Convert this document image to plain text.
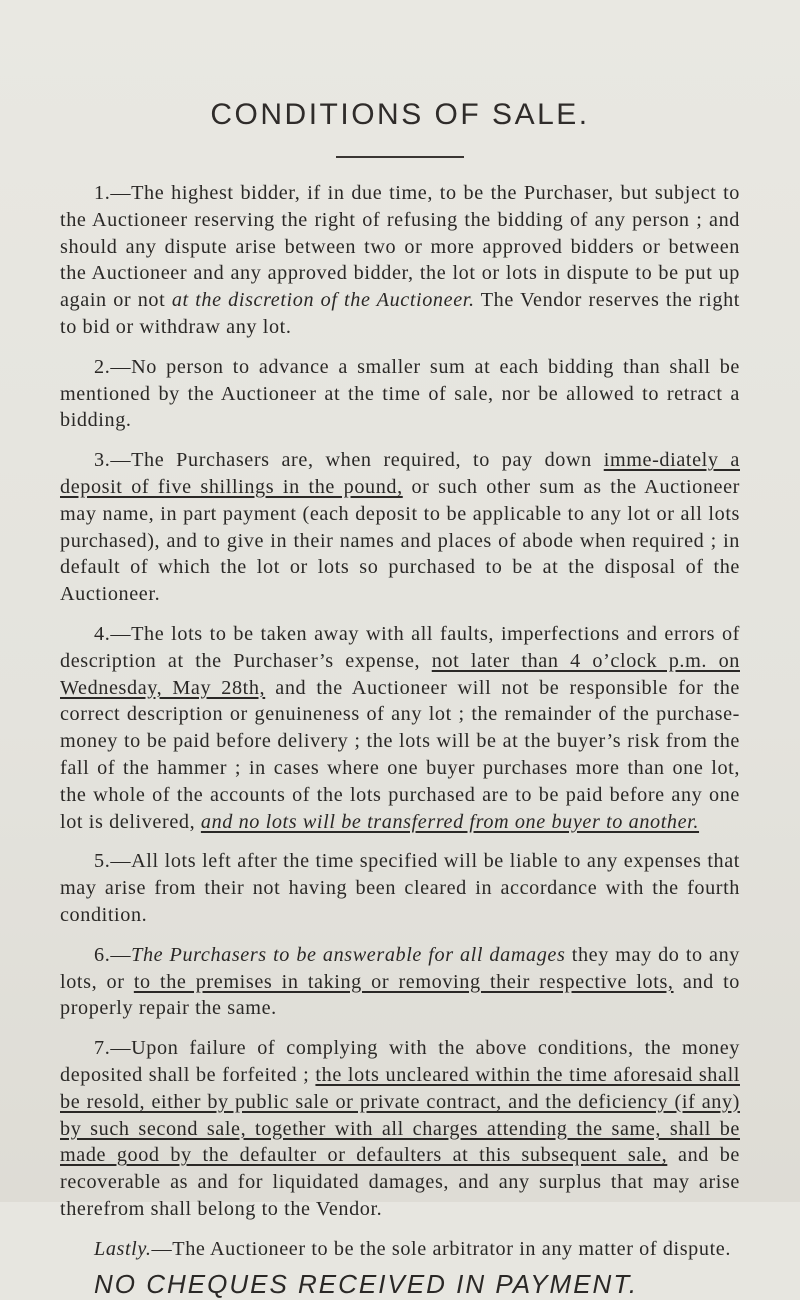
CONDITIONS OF SALE.

1.—The highest bidder, if in due time, to be the Purchaser, but subject to the Auctioneer reserving the right of refusing the bidding of any person ; and should any dispute arise between two or more approved bidders or between the Auctioneer and any approved bidder, the lot or lots in dispute to be put up again or not at the discretion of the Auctioneer. The Vendor reserves the right to bid or withdraw any lot.

2.—No person to advance a smaller sum at each bidding than shall be mentioned by the Auctioneer at the time of sale, nor be allowed to retract a bidding.

3.—The Purchasers are, when required, to pay down imme-diately a deposit of five shillings in the pound, or such other sum as the Auctioneer may name, in part payment (each deposit to be applicable to any lot or all lots purchased), and to give in their names and places of abode when required ; in default of which the lot or lots so purchased to be at the disposal of the Auctioneer.

4.—The lots to be taken away with all faults, imperfections and errors of description at the Purchaser’s expense, not later than 4 o’clock p.m. on Wednesday, May 28th, and the Auctioneer will not be responsible for the correct description or genuineness of any lot ; the remainder of the purchase-money to be paid before delivery ; the lots will be at the buyer’s risk from the fall of the hammer ; in cases where one buyer purchases more than one lot, the whole of the accounts of the lots purchased are to be paid before any one lot is delivered, and no lots will be transferred from one buyer to another.

5.—All lots left after the time specified will be liable to any expenses that may arise from their not having been cleared in accordance with the fourth condition.

6.—The Purchasers to be answerable for all damages they may do to any lots, or to the premises in taking or removing their respective lots, and to properly repair the same.

7.—Upon failure of complying with the above conditions, the money deposited shall be forfeited ; the lots uncleared within the time aforesaid shall be resold, either by public sale or private contract, and the deficiency (if any) by such second sale, together with all charges attending the same, shall be made good by the defaulter or defaulters at this subsequent sale, and be recoverable as and for liquidated damages, and any surplus that may arise therefrom shall belong to the Vendor.

Lastly.—The Auctioneer to be the sole arbitrator in any matter of dispute.

NO CHEQUES RECEIVED IN PAYMENT.
